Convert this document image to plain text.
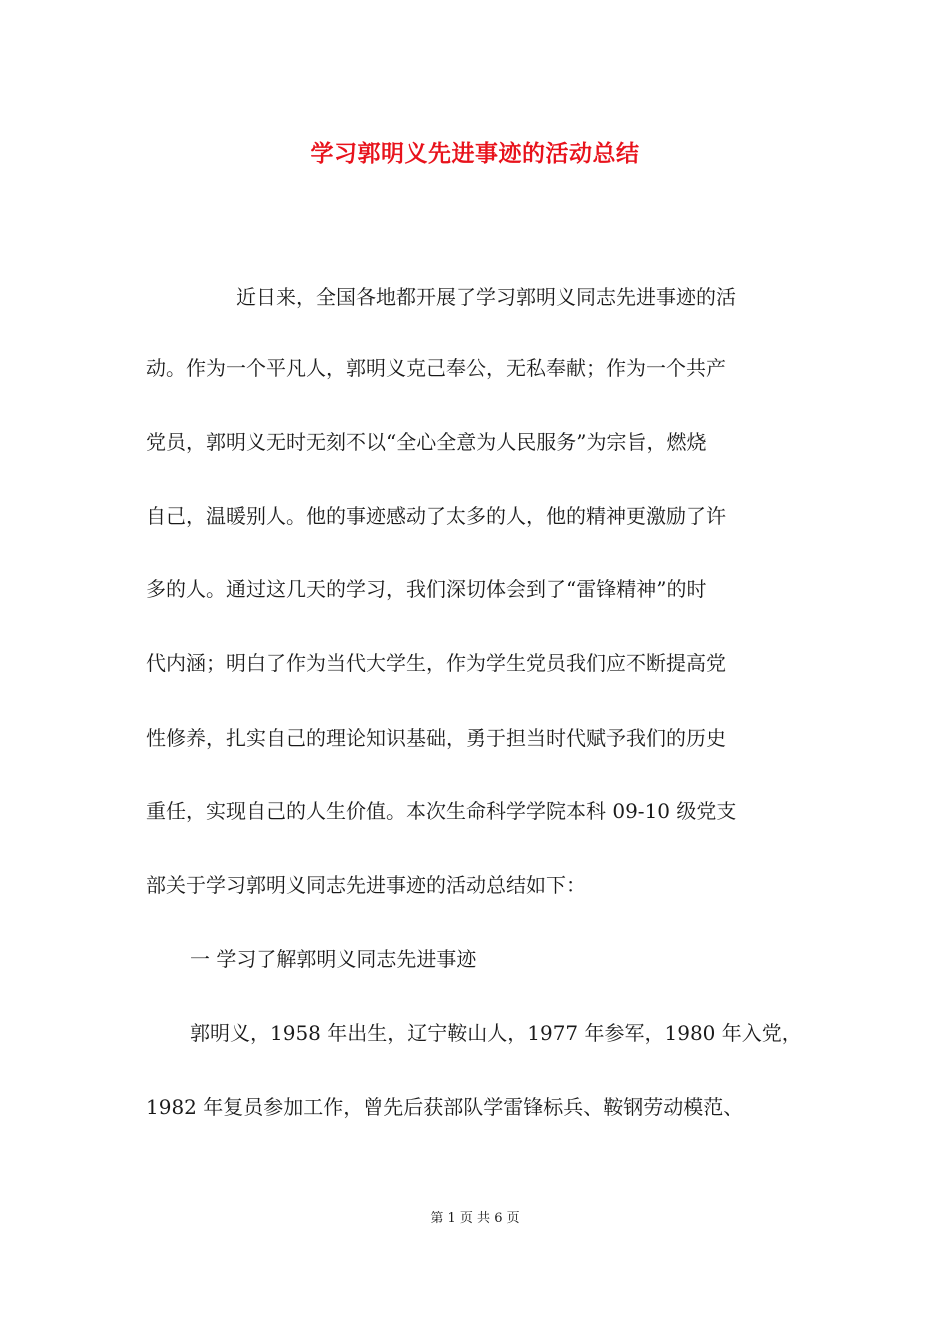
学习郭明义先进事迹的活动总结
近日来，全国各地都开展了学习郭明义同志先进事迹的活
动。作为一个平凡人，郭明义克己奉公，无私奉献；作为一个共产
党员，郭明义无时无刻不以“全心全意为人民服务”为宗旨，燃烧
自己，温暖别人。他的事迹感动了太多的人，他的精神更激励了许
多的人。通过这几天的学习，我们深切体会到了“雷锋精神”的时
代内涵；明白了作为当代大学生，作为学生党员我们应不断提高党
性修养，扎实自己的理论知识基础，勇于担当时代赋予我们的历史
重任，实现自己的人生价值。本次生命科学学院本科 09-10 级党支
部关于学习郭明义同志先进事迹的活动总结如下：
一 学习了解郭明义同志先进事迹
郭明义，1958 年出生，辽宁鞍山人，1977 年参军，1980 年入党，
1982 年复员参加工作，曾先后获部队学雷锋标兵、鞍钢劳动模范、
第 1 页 共 6 页
